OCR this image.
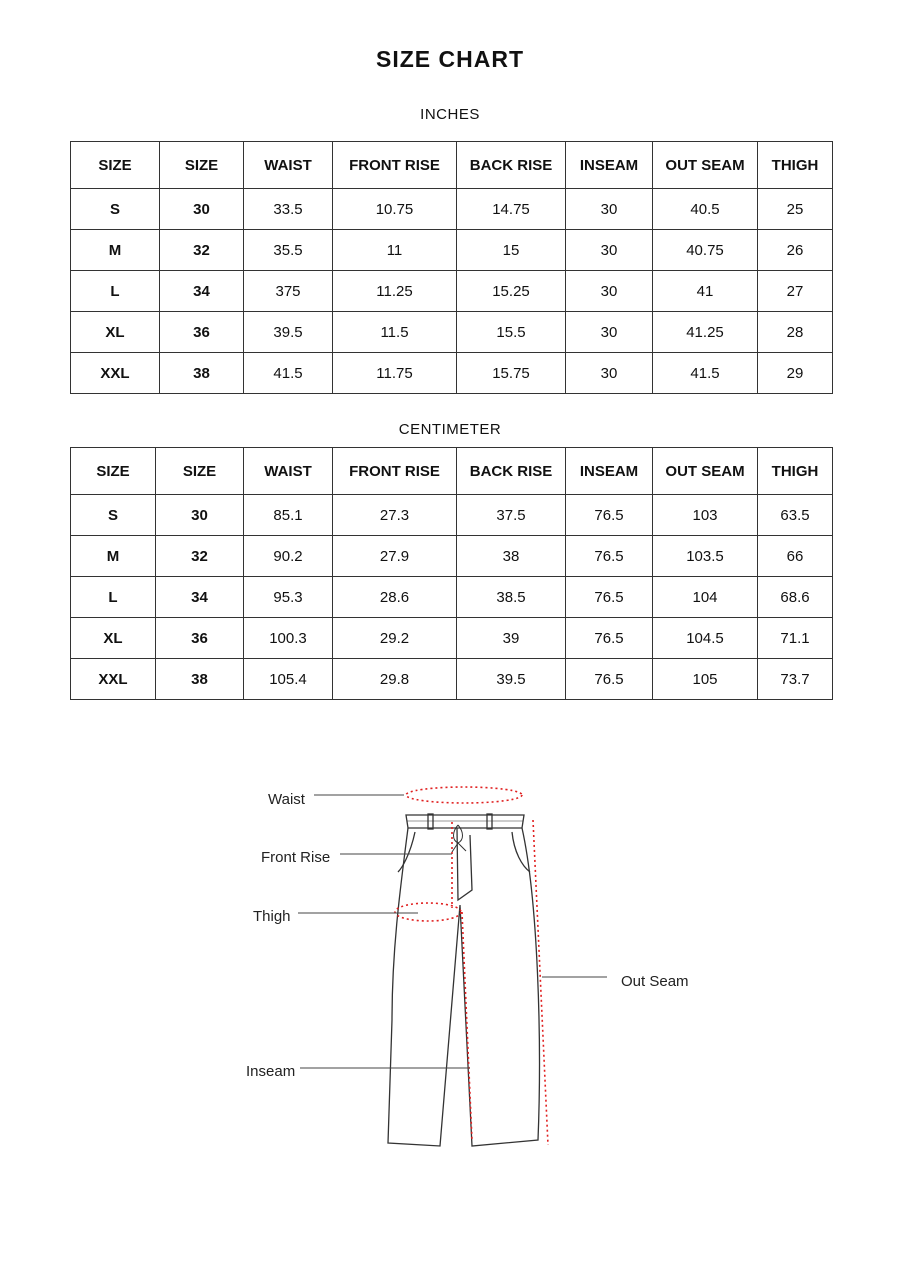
SIZE CHART
INCHES
SIZE	SIZE	WAIST	FRONT RISE	BACK RISE	INSEAM	OUT SEAM	THIGH
S	30	33.5	10.75	14.75	30	40.5	25
M	32	35.5	11	15	30	40.75	26
L	34	375	11.25	15.25	30	41	27
XL	36	39.5	11.5	15.5	30	41.25	28
XXL	38	41.5	11.75	15.75	30	41.5	29
CENTIMETER
SIZE	SIZE	WAIST	FRONT RISE	BACK RISE	INSEAM	OUT SEAM	THIGH
S	30	85.1	27.3	37.5	76.5	103	63.5
M	32	90.2	27.9	38	76.5	103.5	66
L	34	95.3	28.6	38.5	76.5	104	68.6
XL	36	100.3	29.2	39	76.5	104.5	71.1
XXL	38	105.4	29.8	39.5	76.5	105	73.7
Waist
Front Rise
Thigh
Out Seam
Inseam
